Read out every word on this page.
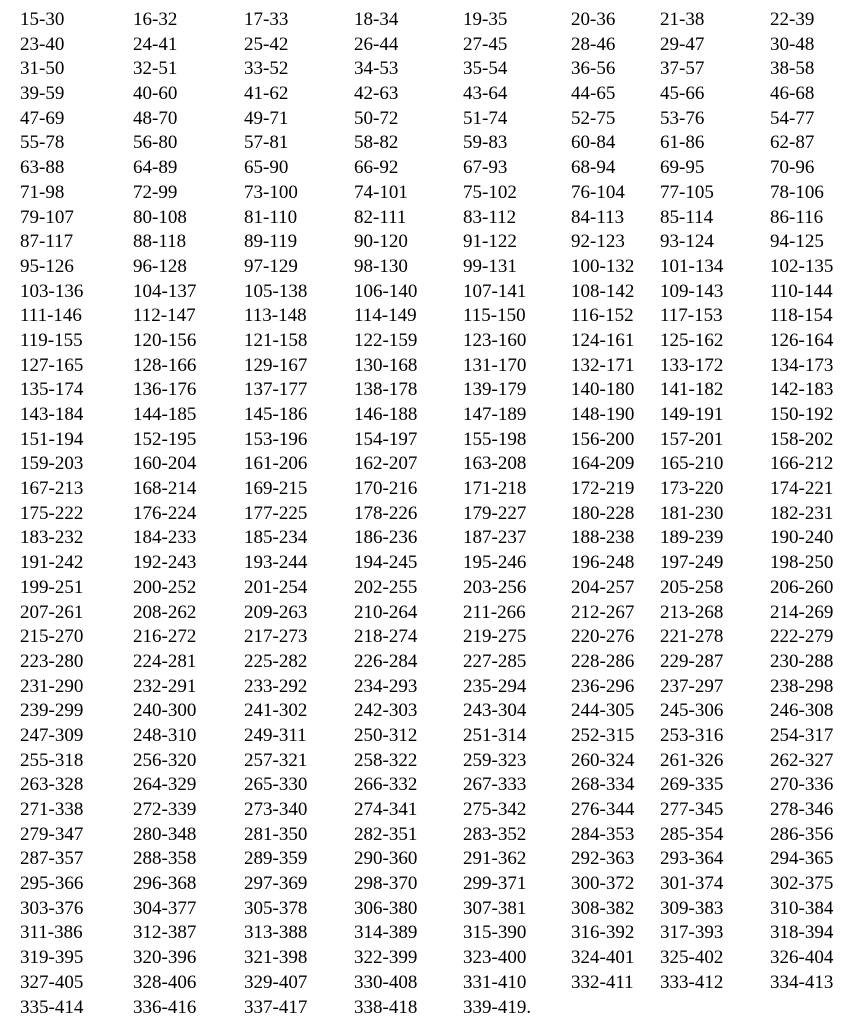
15-30	16-32	17-33	18-34	19-35	20-36 21-38	22-39
23-40	24-41	25-42	26-44	27-45	28-46 29-47	30-48
31-50	32-51	33-52	34-53	35-54	36-56 37-57	38-58
39-59	40-60	41-62	42-63	43-64	44-65 45-66	46-68
47-69	48-70	49-71	50-72	51-74	52-75 53-76	54-77
55-78	56-80	57-81	58-82	59-83	60-84 61-86	62-87
63-88	64-89	65-90	66-92	67-93	68-94 69-95	70-96
71-98	72-99	73-100	74-101	75-102	76-104 77-105	78-106
79-107	80-108	81-110	82-111	83-112	84-113 85-114	86-116
87-117	88-118	89-119	90-120	91-122	92-123 93-124	94-125
95-126	96-128	97-129	98-130	99-131	100-132 101-134 102-135
103-136	104-137	105-138 106-140 107-141 108-142 109-143 110-144
111-146	112-147	113-148 114-149 115-150 116-152 117-153 118-154
119-155	120-156	121-158 122-159 123-160 124-161 125-162 126-164
127-165	128-166	129-167 130-168 131-170 132-171 133-172 134-173
135-174	136-176	137-177 138-178 139-179 140-180 141-182 142-183
143-184	144-185	145-186 146-188 147-189 148-190 149-191 150-192
151-194	152-195	153-196 154-197 155-198 156-200 157-201 158-202
159-203	160-204	161-206 162-207 163-208 164-209 165-210 166-212
167-213	168-214	169-215 170-216 171-218 172-219 173-220 174-221
175-222	176-224	177-225 178-226 179-227 180-228 181-230 182-231
183-232	184-233	185-234 186-236 187-237 188-238 189-239 190-240
191-242	192-243	193-244 194-245 195-246 196-248 197-249 198-250
199-251	200-252	201-254 202-255 203-256 204-257 205-258 206-260
207-261	208-262	209-263 210-264 211-266 212-267 213-268 214-269
215-270	216-272	217-273 218-274 219-275 220-276 221-278 222-279
223-280	224-281	225-282 226-284 227-285 228-286 229-287 230-288
231-290	232-291	233-292 234-293 235-294 236-296 237-297 238-298
239-299	240-300	241-302 242-303 243-304 244-305 245-306 246-308
247-309	248-310	249-311 250-312 251-314 252-315 253-316 254-317
255-318	256-320	257-321 258-322 259-323 260-324 261-326 262-327
263-328	264-329	265-330 266-332 267-333 268-334 269-335 270-336
271-338	272-339	273-340 274-341 275-342 276-344 277-345 278-346
279-347	280-348	281-350 282-351 283-352 284-353 285-354 286-356
287-357	288-358	289-359 290-360 291-362 292-363 293-364 294-365
295-366	296-368	297-369 298-370 299-371 300-372 301-374 302-375
303-376	304-377	305-378 306-380 307-381 308-382 309-383 310-384
311-386	312-387	313-388 314-389 315-390 316-392 317-393 318-394
319-395	320-396	321-398 322-399 323-400 324-401 325-402 326-404
327-405	328-406	329-407 330-408 331-410 332-411 333-412 334-413
335-414	336-416	337-417 338-418 339-419.
